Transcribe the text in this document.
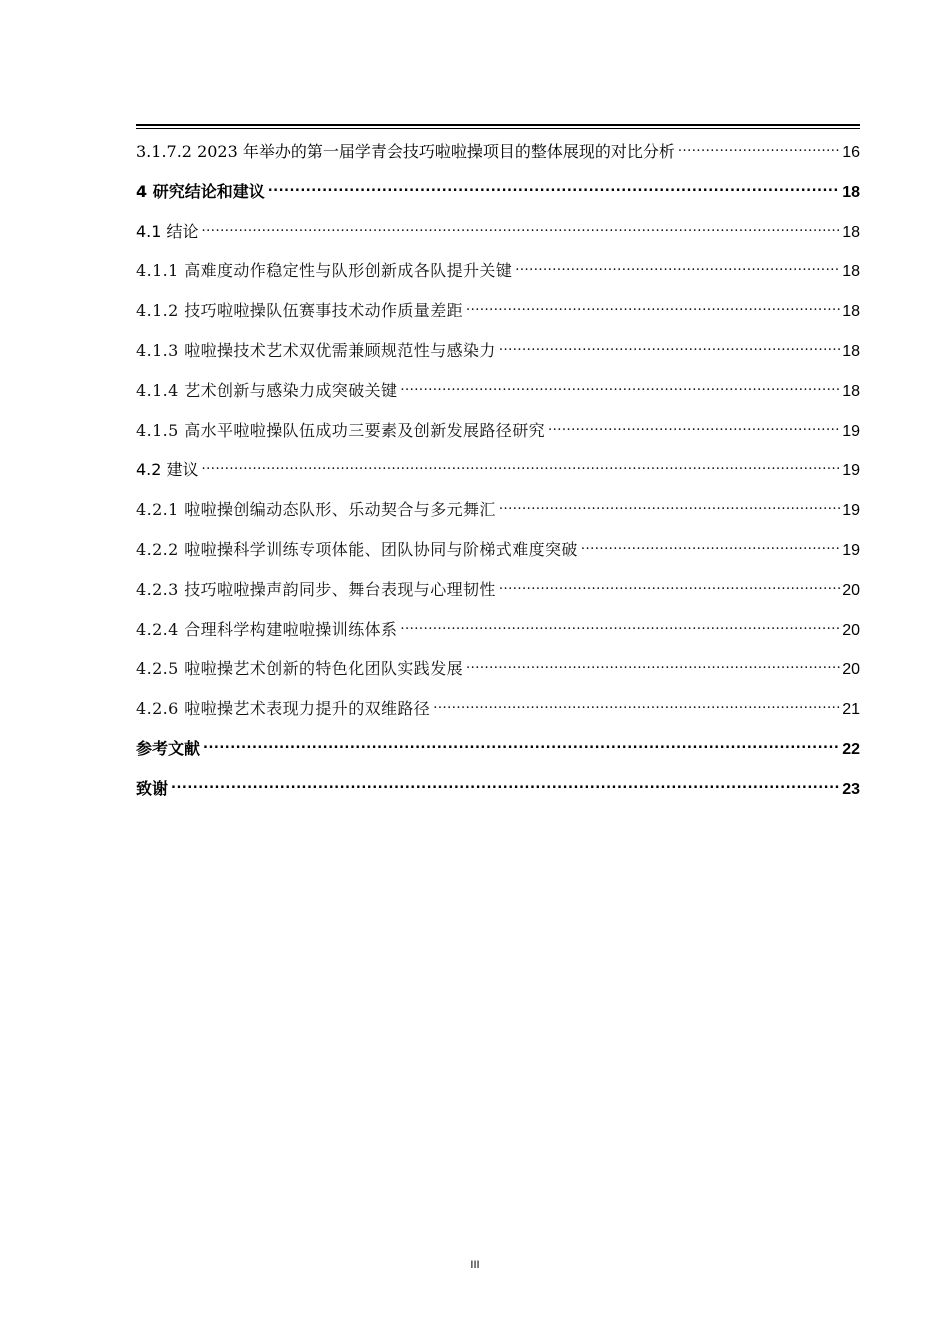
3.1.7.2 2023 年举办的第一届学青会技巧啦啦操项目的整体展现的对比分析 .....	16
4 研究结论和建议 .....	18
4.1 结论 .....	18
4.1.1 高难度动作稳定性与队形创新成各队提升关键 .....	18
4.1.2 技巧啦啦操队伍赛事技术动作质量差距 .....	18
4.1.3 啦啦操技术艺术双优需兼顾规范性与感染力 .....	18
4.1.4 艺术创新与感染力成突破关键 .....	18
4.1.5 高水平啦啦操队伍成功三要素及创新发展路径研究 .....	19
4.2 建议 .....	19
4.2.1 啦啦操创编动态队形、乐动契合与多元舞汇 .....	19
4.2.2 啦啦操科学训练专项体能、团队协同与阶梯式难度突破 .....	19
4.2.3 技巧啦啦操声韵同步、舞台表现与心理韧性 .....	20
4.2.4 合理科学构建啦啦操训练体系 .....	20
4.2.5 啦啦操艺术创新的特色化团队实践发展 .....	20
4.2.6 啦啦操艺术表现力提升的双维路径 .....	21
参考文献 .....	22
致谢 .....	23
III
